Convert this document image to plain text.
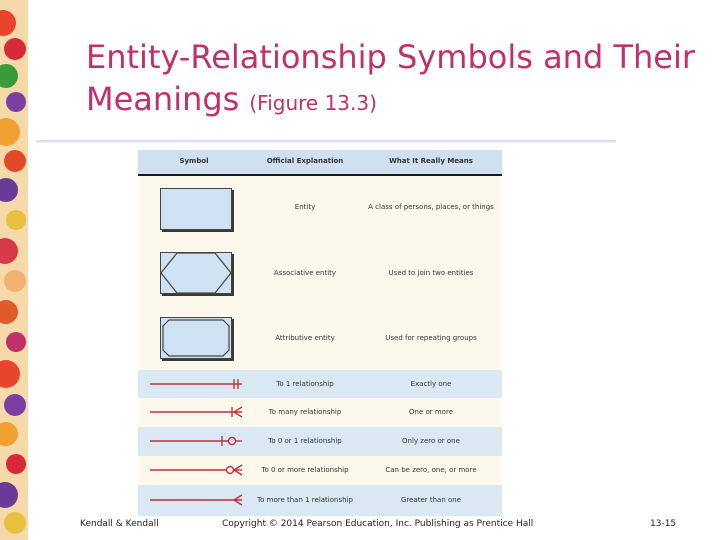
Entity-Relationship Symbols and Their
Meanings (Figure 13.3)
Symbol	Official Explanation	What It Really Means
Entity	A class of persons, places, or things
Associative entity	Used to join two entities
Attributive entity	Used for repeating groups
To 1 relationship	Exactly one
To many relationship	One or more
To 0 or 1 relationship	Only zero or one
To 0 or more relationship	Can be zero, one, or more
To more than 1 relationship	Greater than one
Kendall & Kendall	Copyright © 2014 Pearson Education, Inc. Publishing as Prentice Hall	13-15
